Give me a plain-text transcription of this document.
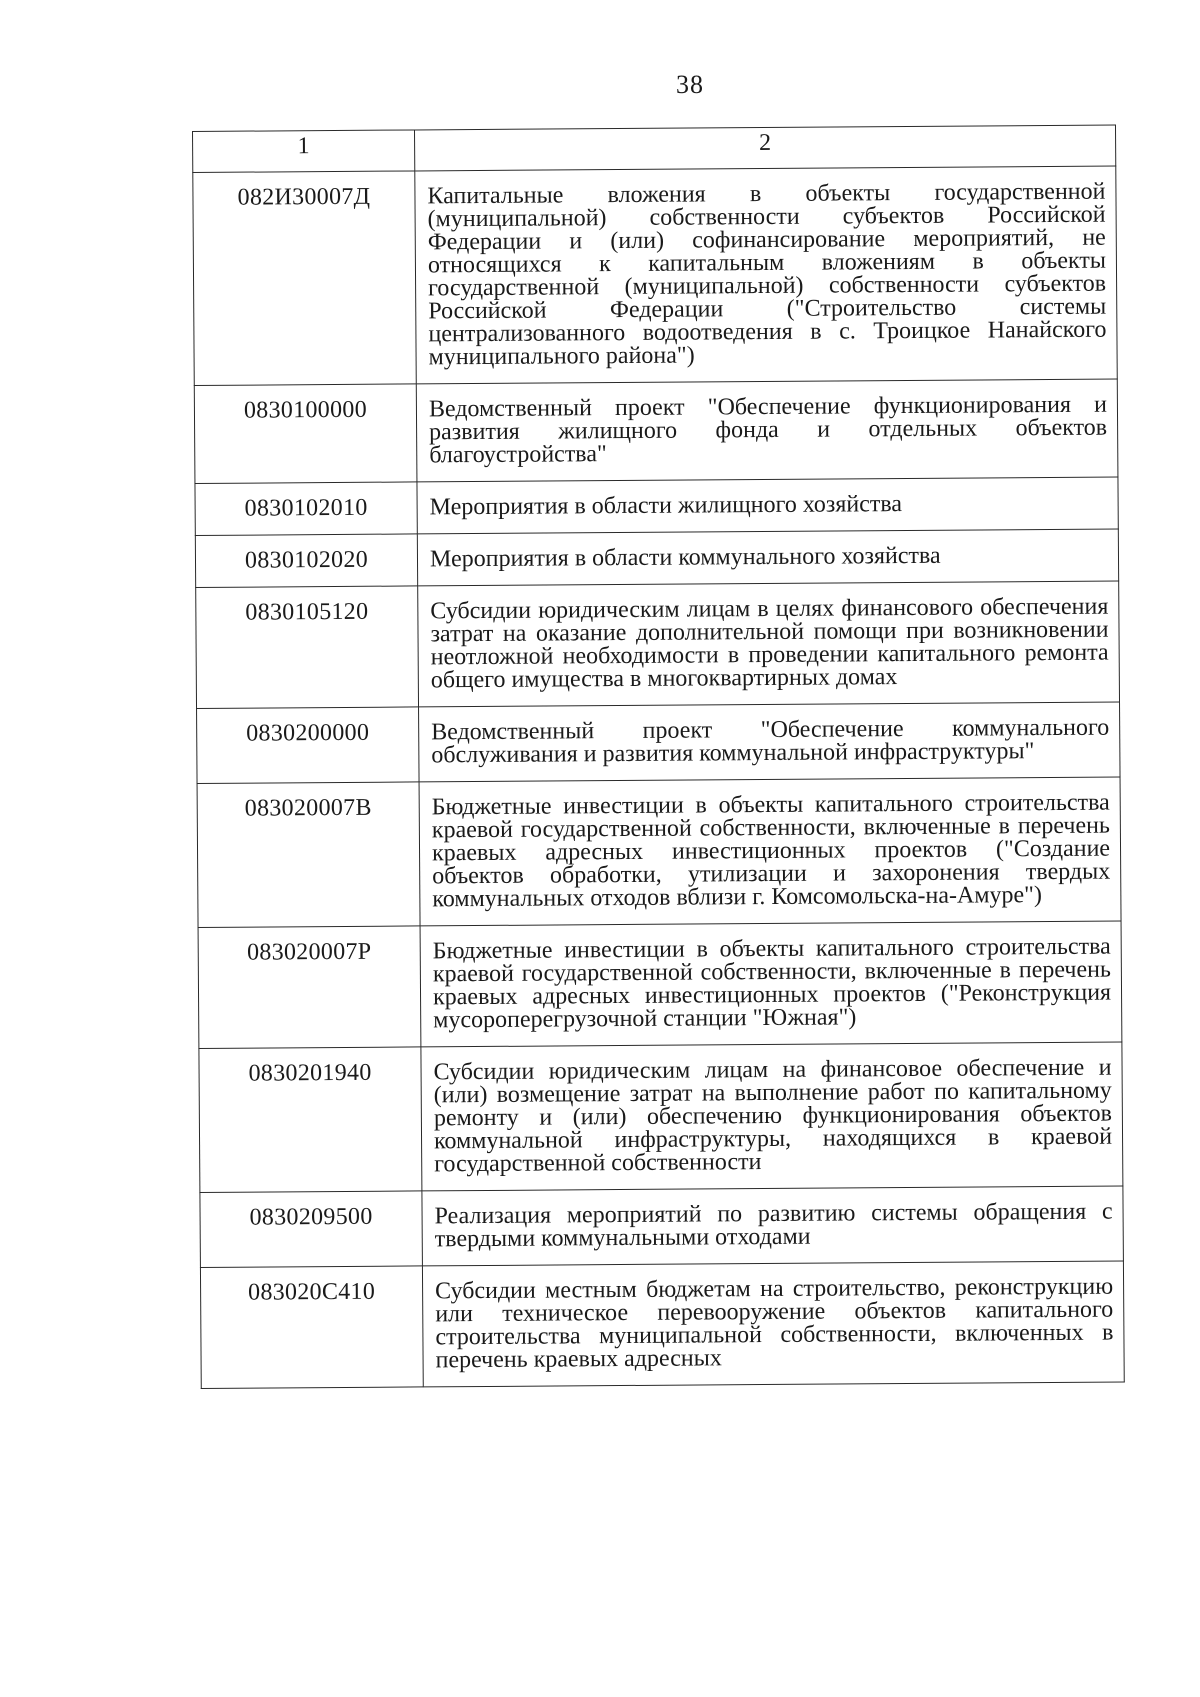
38
1	2
082И30007Д	Капитальные вложения в объекты государственной (муниципальной) собственности субъектов Российской Федерации и (или) софинансирование мероприятий, не относящихся к капитальным вложениям в объекты государственной (муниципальной) собственности субъектов Российской Федерации ("Строительство системы централизованного водоотведения в с. Троицкое Нанайского муниципального района")
0830100000	Ведомственный проект "Обеспечение функционирования и развития жилищного фонда и отдельных объектов благоустройства"
0830102010	Мероприятия в области жилищного хозяйства
0830102020	Мероприятия в области коммунального хозяйства
0830105120	Субсидии юридическим лицам в целях финансового обеспечения затрат на оказание дополнительной помощи при возникновении неотложной необходимости в проведении капитального ремонта общего имущества в многоквартирных домах
0830200000	Ведомственный проект "Обеспечение коммунального обслуживания и развития коммунальной инфраструктуры"
083020007В	Бюджетные инвестиции в объекты капитального строительства краевой государственной собственности, включенные в перечень краевых адресных инвестиционных проектов ("Создание объектов обработки, утилизации и захоронения твердых коммунальных отходов вблизи г. Комсомольска-на-Амуре")
083020007Р	Бюджетные инвестиции в объекты капитального строительства краевой государственной собственности, включенные в перечень краевых адресных инвестиционных проектов ("Реконструкция мусороперегрузочной станции "Южная")
0830201940	Субсидии юридическим лицам на финансовое обеспечение и (или) возмещение затрат на выполнение работ по капитальному ремонту и (или) обеспечению функционирования объектов коммунальной инфраструктуры, находящихся в краевой государственной собственности
0830209500	Реализация мероприятий по развитию системы обращения с твердыми коммунальными отходами
083020С410	Субсидии местным бюджетам на строительство, реконструкцию или техническое перевооружение объектов капитального строительства муниципальной собственности, включенных в перечень краевых адресных
